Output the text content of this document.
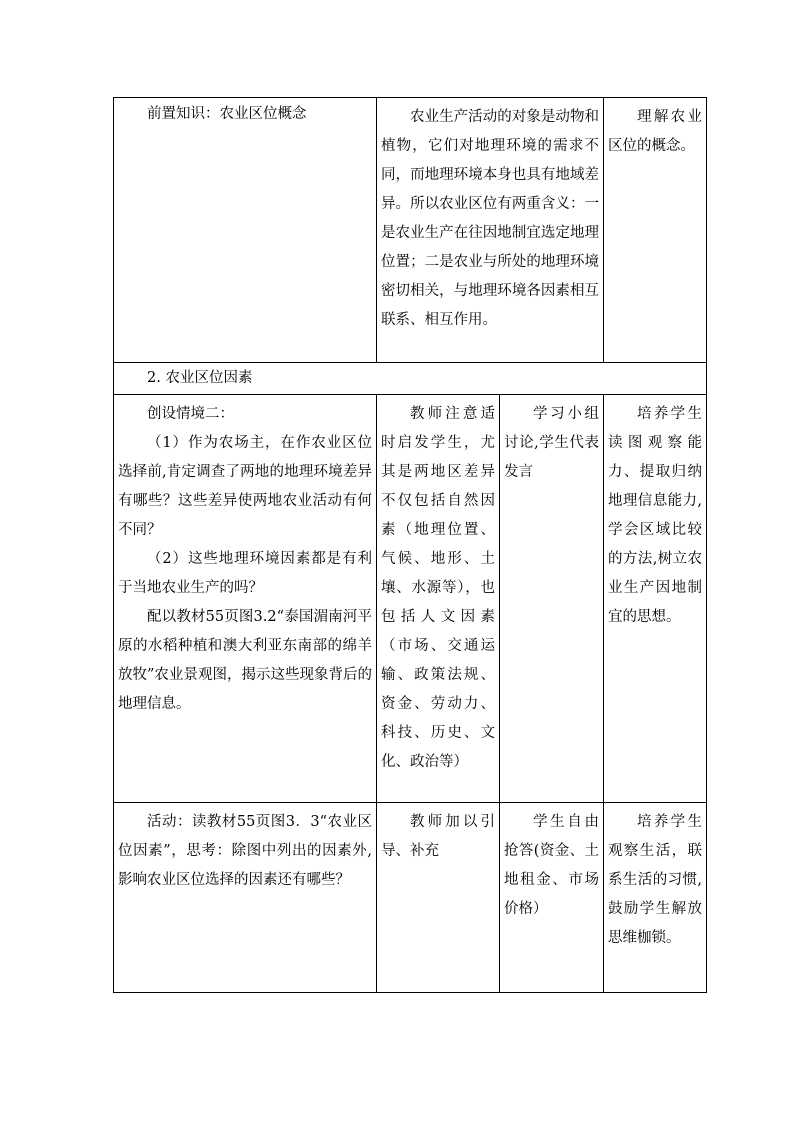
前置知识：农业区位概念	农业生产活动的对象是动物和植物，它们对地理环境的需求不同，而地理环境本身也具有地域差异。所以农业区位有两重含义：一是农业生产在往因地制宜选定地理位置；二是农业与所处的地理环境密切相关，与地理环境各因素相互联系、相互作用。		理解农业区位的概念。

2. 农业区位因素			

创设情境二：

（1）作为农场主，在作农业区位选择前,肯定调查了两地的地理环境差异有哪些？这些差异使两地农业活动有何不同？

（2）这些地理环境因素都是有利于当地农业生产的吗？

配以教材55页图3.2“泰国湄南河平原的水稻种植和澳大利亚东南部的绵羊放牧”农业景观图，揭示这些现象背后的地理信息。	教师注意适时启发学生，尤其是两地区差异不仅包括自然因素（地理位置、气候、地形、土壤、水源等），也包括人文因素（市场、交通运输、政策法规、资金、劳动力、科技、历史、文化、政治等）	学习小组讨论,学生代表发言	培养学生读图观察能力、提取归纳地理信息能力,学会区域比较的方法,树立农业生产因地制宜的思想。

活动：读教材55页图3．3“农业区位因素”，思考：除图中列出的因素外,影响农业区位选择的因素还有哪些？	教师加以引导、补充	学生自由抢答(资金、土地租金、市场价格）	培养学生观察生活，联系生活的习惯,鼓励学生解放思维枷锁。
